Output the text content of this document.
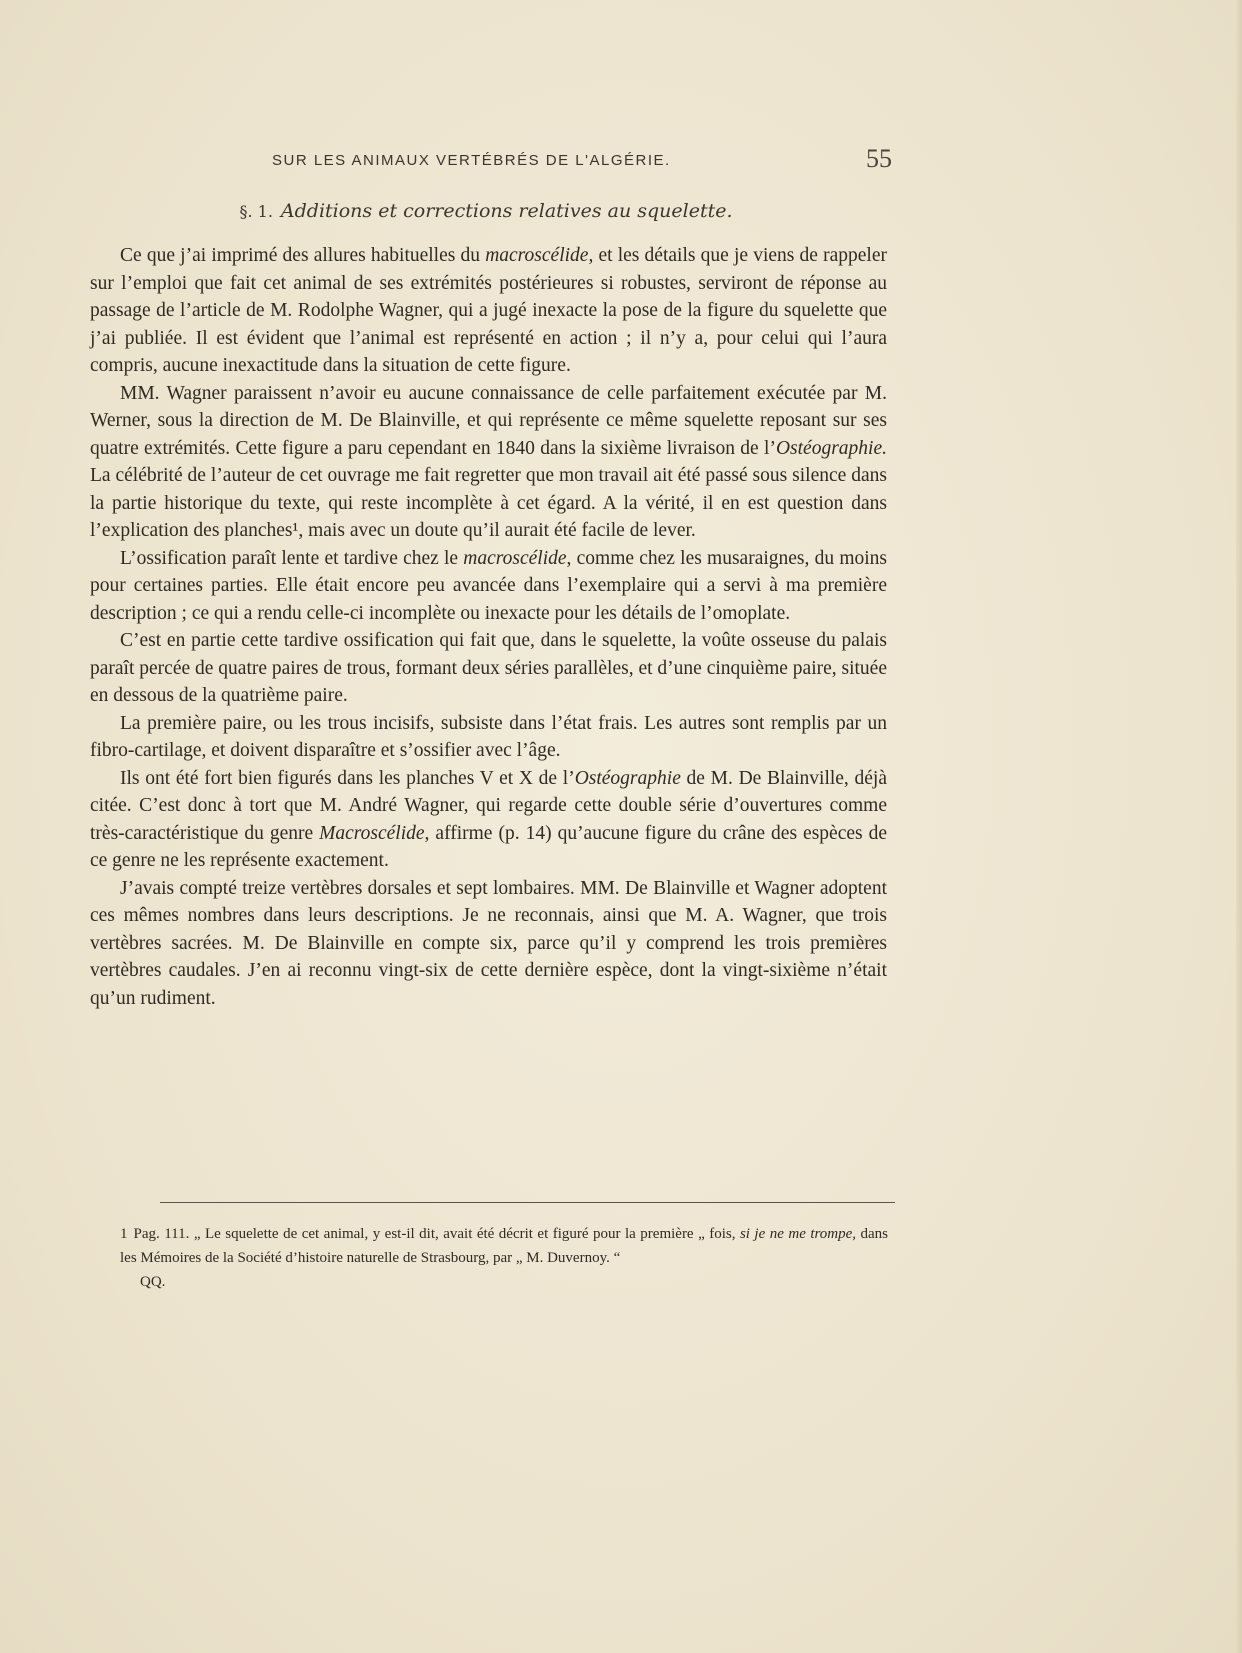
SUR LES ANIMAUX VERTÉBRÉS DE L'ALGÉRIE.	55
§. 1. Additions et corrections relatives au squelette.

Ce que j’ai imprimé des allures habituelles du macroscélide, et les détails que je viens de rappeler sur l’emploi que fait cet animal de ses extrémités postérieures si robustes, serviront de réponse au passage de l’article de M. Rodolphe Wagner, qui a jugé inexacte la pose de la figure du squelette que j’ai publiée. Il est évident que l’animal est représenté en action ; il n’y a, pour celui qui l’aura compris, aucune inexactitude dans la situation de cette figure.

MM. Wagner paraissent n’avoir eu aucune connaissance de celle parfaitement exécutée par M. Werner, sous la direction de M. De Blainville, et qui représente ce même squelette reposant sur ses quatre extrémités. Cette figure a paru cependant en 1840 dans la sixième livraison de l’Ostéographie. La célébrité de l’auteur de cet ouvrage me fait regretter que mon travail ait été passé sous silence dans la partie historique du texte, qui reste incomplète à cet égard. A la vérité, il en est question dans l’explication des planches¹, mais avec un doute qu’il aurait été facile de lever.

L’ossification paraît lente et tardive chez le macroscélide, comme chez les musaraignes, du moins pour certaines parties. Elle était encore peu avancée dans l’exemplaire qui a servi à ma première description ; ce qui a rendu celle-ci incomplète ou inexacte pour les détails de l’omoplate.

C’est en partie cette tardive ossification qui fait que, dans le squelette, la voûte osseuse du palais paraît percée de quatre paires de trous, formant deux séries parallèles, et d’une cinquième paire, située en dessous de la quatrième paire.

La première paire, ou les trous incisifs, subsiste dans l’état frais. Les autres sont remplis par un fibro-cartilage, et doivent disparaître et s’ossifier avec l’âge.

Ils ont été fort bien figurés dans les planches V et X de l’Ostéographie de M. De Blainville, déjà citée. C’est donc à tort que M. André Wagner, qui regarde cette double série d’ouvertures comme très-caractéristique du genre Macroscélide, affirme (p. 14) qu’aucune figure du crâne des espèces de ce genre ne les représente exactement.

J’avais compté treize vertèbres dorsales et sept lombaires. MM. De Blainville et Wagner adoptent ces mêmes nombres dans leurs descriptions. Je ne reconnais, ainsi que M. A. Wagner, que trois vertèbres sacrées. M. De Blainville en compte six, parce qu’il y comprend les trois premières vertèbres caudales. J’en ai reconnu vingt-six de cette dernière espèce, dont la vingt-sixième n’était qu’un rudiment.

1 Pag. 111. „ Le squelette de cet animal, y est-il dit, avait été décrit et figuré pour la première „ fois, si je ne me trompe, dans les Mémoires de la Société d’histoire naturelle de Strasbourg, par „ M. Duvernoy. “
QQ.
